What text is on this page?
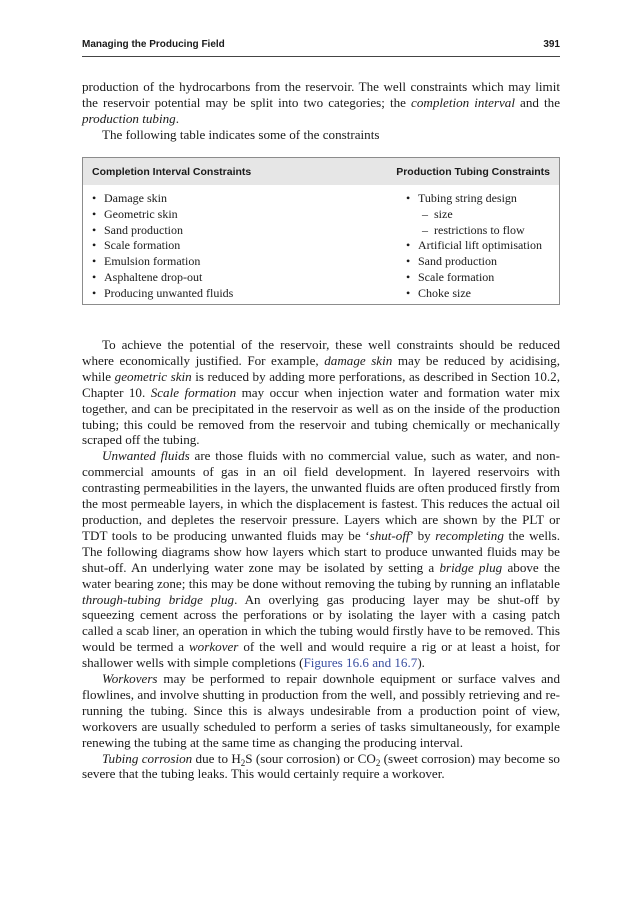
Managing the Producing Field	391
production of the hydrocarbons from the reservoir. The well constraints which may limit the reservoir potential may be split into two categories; the completion interval and the production tubing.
The following table indicates some of the constraints
Completion Interval Constraints	Production Tubing Constraints
• Damage skin
• Geometric skin
• Sand production
• Scale formation
• Emulsion formation
• Asphaltene drop-out
• Producing unwanted fluids
• Tubing string design
– size
– restrictions to flow
• Artificial lift optimisation
• Sand production
• Scale formation
• Choke size

To achieve the potential of the reservoir, these well constraints should be reduced where economically justified. For example, damage skin may be reduced by acidising, while geometric skin is reduced by adding more perforations, as described in Section 10.2, Chapter 10. Scale formation may occur when injection water and formation water mix together, and can be precipitated in the reservoir as well as on the inside of the production tubing; this could be removed from the reservoir and tubing chemically or mechanically scraped off the tubing.

Unwanted fluids are those fluids with no commercial value, such as water, and non-commercial amounts of gas in an oil field development. In layered reservoirs with contrasting permeabilities in the layers, the unwanted fluids are often produced firstly from the most permeable layers, in which the displacement is fastest. This reduces the actual oil production, and depletes the reservoir pressure. Layers which are shown by the PLT or TDT tools to be producing unwanted fluids may be ‘shut-off’ by recompleting the wells. The following diagrams show how layers which start to produce unwanted fluids may be shut-off. An underlying water zone may be isolated by setting a bridge plug above the water bearing zone; this may be done without removing the tubing by running an inflatable through-tubing bridge plug. An overlying gas producing layer may be shut-off by squeezing cement across the perforations or by isolating the layer with a casing patch called a scab liner, an operation in which the tubing would firstly have to be removed. This would be termed a workover of the well and would require a rig or at least a hoist, for shallower wells with simple completions (Figures 16.6 and 16.7).

Workovers may be performed to repair downhole equipment or surface valves and flowlines, and involve shutting in production from the well, and possibly retrieving and re-running the tubing. Since this is always undesirable from a production point of view, workovers are usually scheduled to perform a series of tasks simultaneously, for example renewing the tubing at the same time as changing the producing interval.

Tubing corrosion due to $H_2S$ (sour corrosion) or $CO_2$ (sweet corrosion) may become so severe that the tubing leaks. This would certainly require a workover.
